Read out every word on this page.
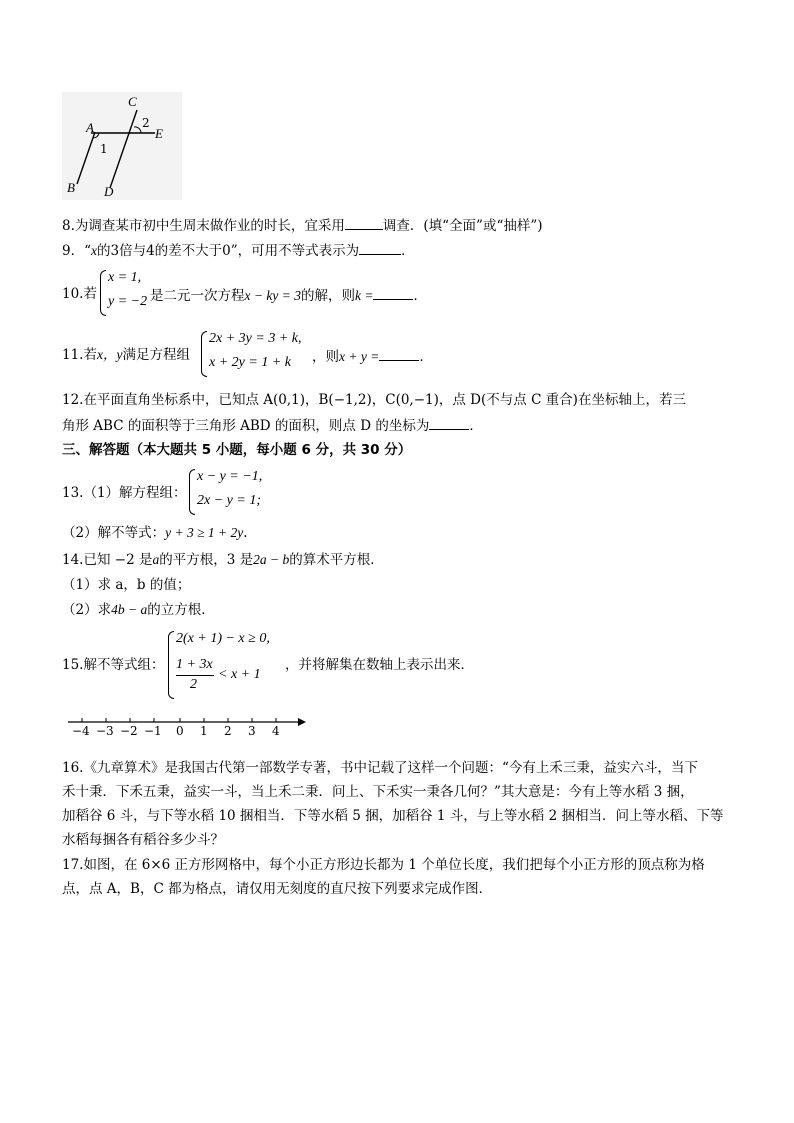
C
A	2
E
1
B D
8.为调查某市初中生周末做作业的时长，宜采用	调查．(填“全面”或“抽样”)
9．“x的3倍与4的差不大于0”，可用不等式表示为	．
10.若
x = 1,
y = −2 是二元一次方程x − ky = 3的解，则k =	．
11.若x，y满足方程组
2x + 3y = 3 + k,
x + 2y = 1 + k ，则x + y =	．
12.在平面直角坐标系中，已知点 A(0,1)，B(−1,2)，C(0,−1)，点 D(不与点 C 重合)在坐标轴上，若三
角形 ABC 的面积等于三角形 ABD 的面积，则点 D 的坐标为	．
三、解答题（本大题共 5 小题，每小题 6 分，共 30 分）
13.（1）解方程组：
x − y = −1,
2x − y = 1;
（2）解不等式：y + 3 ≥ 1 + 2y.
14.已知 −2 是a的平方根，3 是2a − b的算术平方根．
（1）求 a，b 的值；
（2）求4b − a的立方根．
15.解不等式组：
2(x + 1) − x ≥ 0,
1 + 3x
2
< x + 1
，并将解集在数轴上表示出来．
−4 −3 −2 −1 0 1 2 3 4
16.《九章算术》是我国古代第一部数学专著，书中记载了这样一个问题：“今有上禾三秉，益实六斗，当下
禾十秉．下禾五秉，益实一斗，当上禾二秉．问上、下禾实一秉各几何？”其大意是：今有上等水稻 3 捆，
加稻谷 6 斗，与下等水稻 10 捆相当．下等水稻 5 捆，加稻谷 1 斗，与上等水稻 2 捆相当．问上等水稻、下等
水稻每捆各有稻谷多少斗？
17.如图，在 6×6 正方形网格中，每个小正方形边长都为 1 个单位长度，我们把每个小正方形的顶点称为格
点，点 A，B，C 都为格点，请仅用无刻度的直尺按下列要求完成作图．
